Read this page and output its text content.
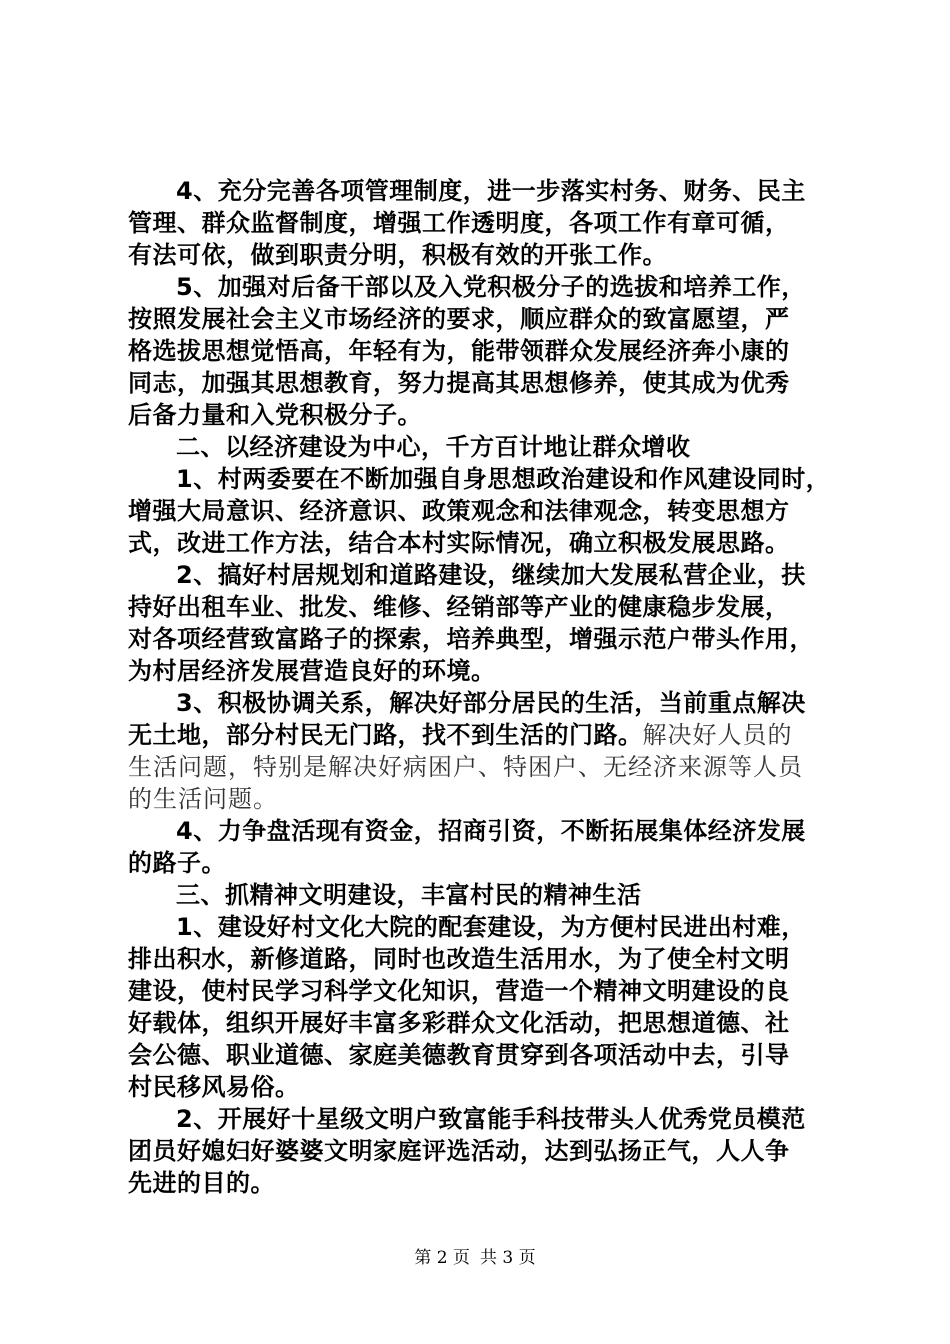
4、充分完善各项管理制度，进一步落实村务、财务、民主
管理、群众监督制度，增强工作透明度，各项工作有章可循，
有法可依，做到职责分明，积极有效的开张工作。
5、加强对后备干部以及入党积极分子的选拔和培养工作，
按照发展社会主义市场经济的要求，顺应群众的致富愿望，严
格选拔思想觉悟高，年轻有为，能带领群众发展经济奔小康的
同志，加强其思想教育，努力提高其思想修养，使其成为优秀
后备力量和入党积极分子。
二、以经济建设为中心，千方百计地让群众增收
1、村两委要在不断加强自身思想政治建设和作风建设同时，
增强大局意识、经济意识、政策观念和法律观念，转变思想方
式，改进工作方法，结合本村实际情况，确立积极发展思路。
2、搞好村居规划和道路建设，继续加大发展私营企业，扶
持好出租车业、批发、维修、经销部等产业的健康稳步发展，
对各项经营致富路子的探索，培养典型，增强示范户带头作用，
为村居经济发展营造良好的环境。
3、积极协调关系，解决好部分居民的生活，当前重点解决
无土地，部分村民无门路，找不到生活的门路。解决好人员的
生活问题，特别是解决好病困户、特困户、无经济来源等人员
的生活问题。
4、力争盘活现有资金，招商引资，不断拓展集体经济发展
的路子。
三、抓精神文明建设，丰富村民的精神生活
1、建设好村文化大院的配套建设，为方便村民进出村难，
排出积水，新修道路，同时也改造生活用水，为了使全村文明
建设，使村民学习科学文化知识，营造一个精神文明建设的良
好载体，组织开展好丰富多彩群众文化活动，把思想道德、社
会公德、职业道德、家庭美德教育贯穿到各项活动中去，引导
村民移风易俗。
2、开展好十星级文明户致富能手科技带头人优秀党员模范
团员好媳妇好婆婆文明家庭评选活动，达到弘扬正气，人人争
先进的目的。
第 2 页 共 3 页
